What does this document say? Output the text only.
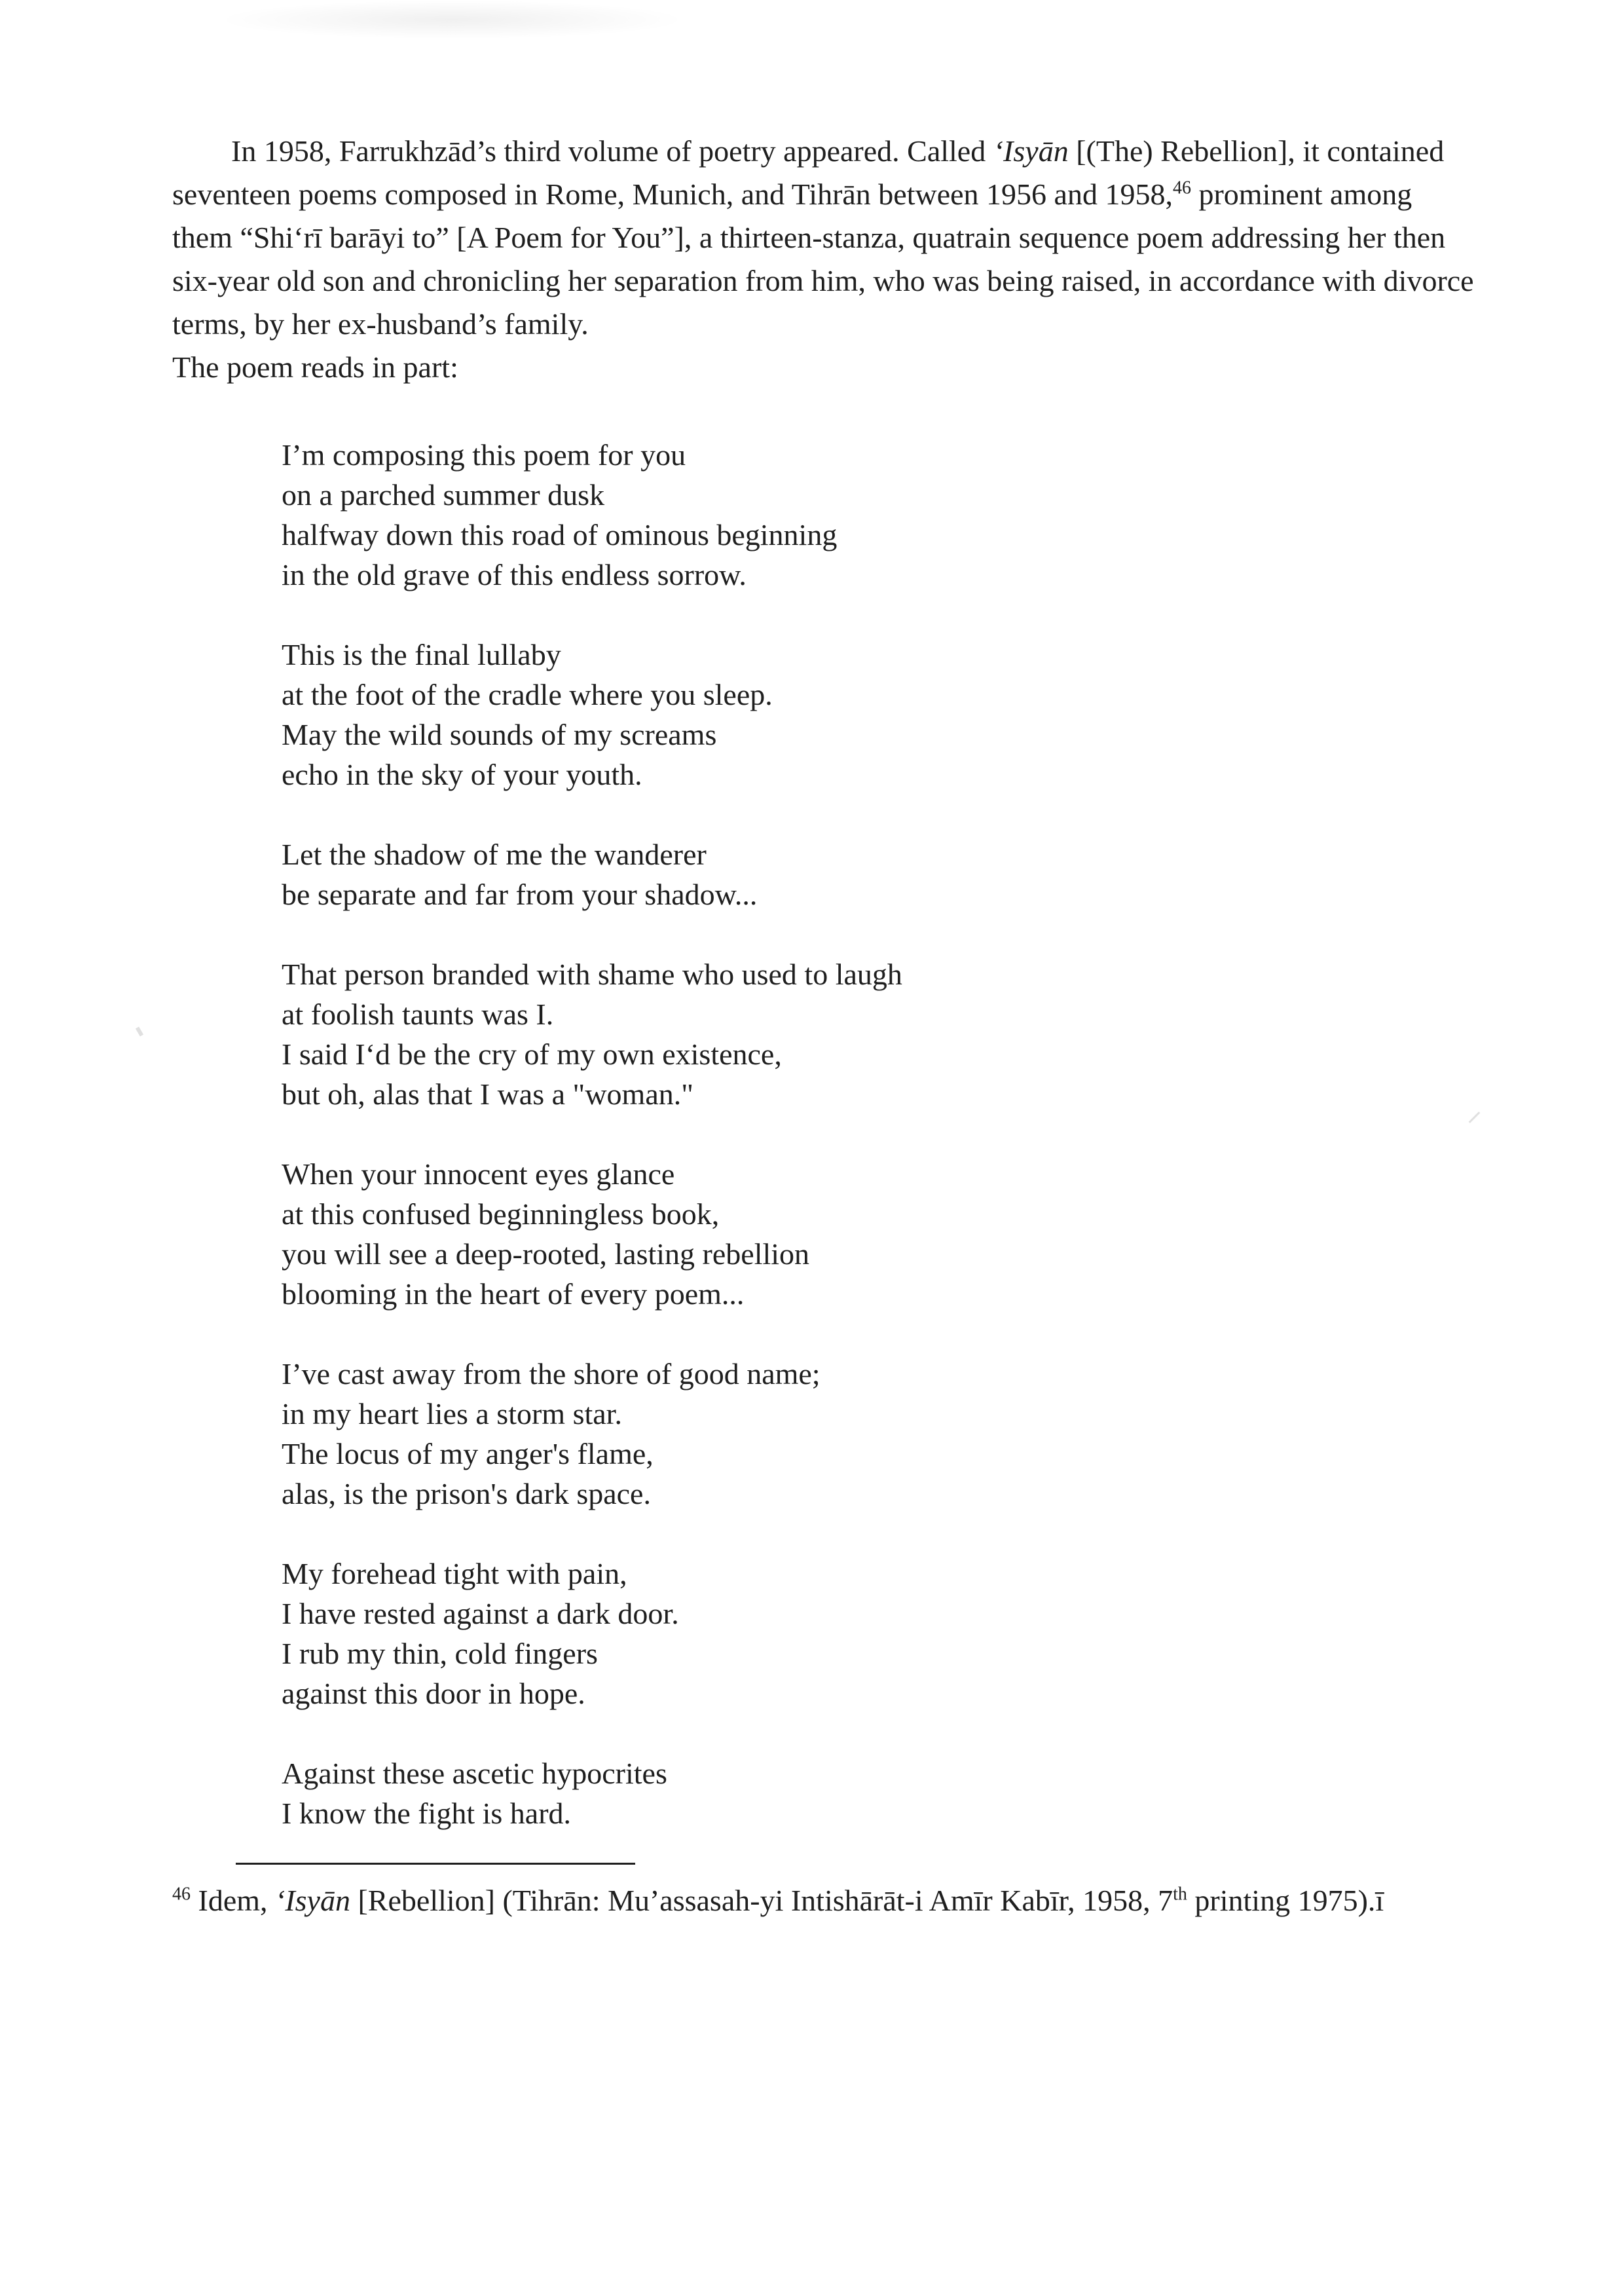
In 1958, Farrukhzād’s third volume of poetry appeared. Called ‘Isyān [(The) Rebellion], it contained seventeen poems composed in Rome, Munich, and Tihrān between 1956 and 1958,46 prominent among them “Shi‘rī barāyi to” [A Poem for You”], a thirteen-stanza, quatrain sequence poem addressing her then six-year old son and chronicling her separation from him, who was being raised, in accordance with divorce terms, by her ex-husband’s family.

The poem reads in part:

I’m composing this poem for you
on a parched summer dusk
halfway down this road of ominous beginning
in the old grave of this endless sorrow.
This is the final lullaby
at the foot of the cradle where you sleep.
May the wild sounds of my screams
echo in the sky of your youth.
Let the shadow of me the wanderer
be separate and far from your shadow...
That person branded with shame who used to laugh
at foolish taunts was I.
I said I‘d be the cry of my own existence,
but oh, alas that I was a "woman."
When your innocent eyes glance
at this confused beginningless book,
you will see a deep-rooted, lasting rebellion
blooming in the heart of every poem...
I’ve cast away from the shore of good name;
in my heart lies a storm star.
The locus of my anger's flame,
alas, is the prison's dark space.
My forehead tight with pain,
I have rested against a dark door.
I rub my thin, cold fingers
against this door in hope.
Against these ascetic hypocrites
I know the fight is hard.

$^{46}$ Idem, ‘Isyān [Rebellion] (Tihrān: Mu’assasah-yi Intishārāt-i Amīr Kabīr, 1958, 7th printing 1975).ī
